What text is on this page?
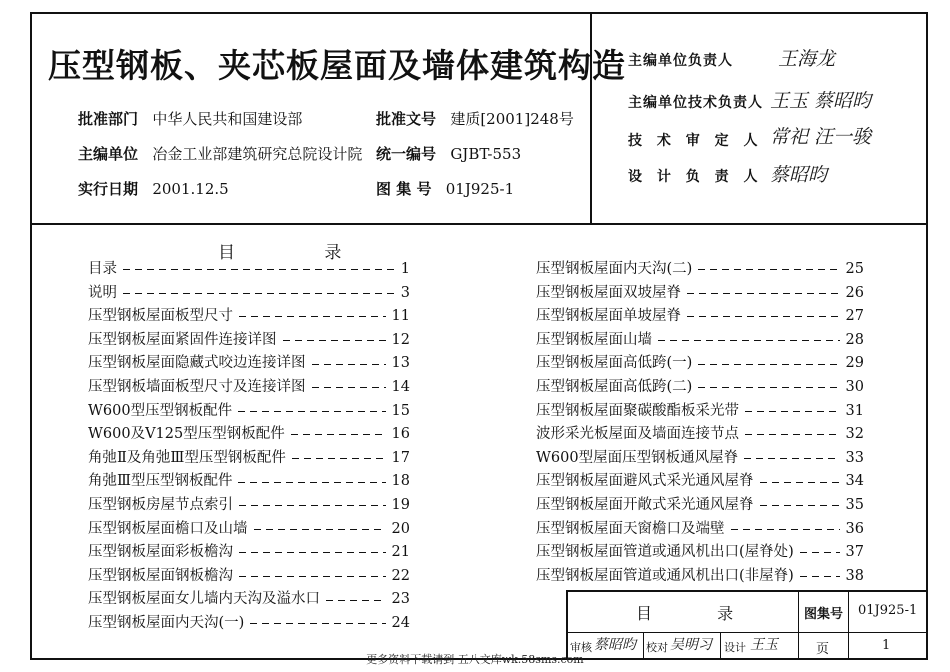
压型钢板、夹芯板屋面及墙体建筑构造
批准部门 中华人民共和国建设部	批准文号 建质[2001]248号
主编单位 冶金工业部建筑研究总院设计院 统一编号 GJBT-553
实行日期 2001.12.5	图 集 号 01J925-1
主编单位负责人 王海龙
主编单位技术负责人 王玉 蔡昭昀
技 术 审 定 人 常祀 汪一骏
设 计 负 责 人 蔡昭昀
目 录
目录	1
说明	3
压型钢板屋面板型尺寸	11
压型钢板屋面紧固件连接详图	12
压型钢板屋面隐藏式咬边连接详图	13
压型钢板墙面板型尺寸及连接详图	14
W600型压型钢板配件	15
W600及V125型压型钢板配件	16
角弛Ⅱ及角弛Ⅲ型压型钢板配件	17
角弛Ⅲ型压型钢板配件	18
压型钢板房屋节点索引	19
压型钢板屋面檐口及山墙	20
压型钢板屋面彩板檐沟	21
压型钢板屋面钢板檐沟	22
压型钢板屋面女儿墙内天沟及溢水口	23
压型钢板屋面内天沟(一)	24
压型钢板屋面内天沟(二)	25
压型钢板屋面双坡屋脊	26
压型钢板屋面单坡屋脊	27
压型钢板屋面山墙	28
压型钢板屋面高低跨(一)	29
压型钢板屋面高低跨(二)	30
压型钢板屋面聚碳酸酯板采光带	31
波形采光板屋面及墙面连接节点	32
W600型屋面压型钢板通风屋脊	33
压型钢板屋面避风式采光通风屋脊	34
压型钢板屋面开敞式采光通风屋脊	35
压型钢板屋面天窗檐口及端壁	36
压型钢板屋面管道或通风机出口(屋脊处)	37
压型钢板屋面管道或通风机出口(非屋脊)	38
目 录	图集号 01J925-1
审核 蔡昭昀 校对 吴明习 设计 王玉	页	1
更多资料下载请到 五八文库wk.58sms.com
